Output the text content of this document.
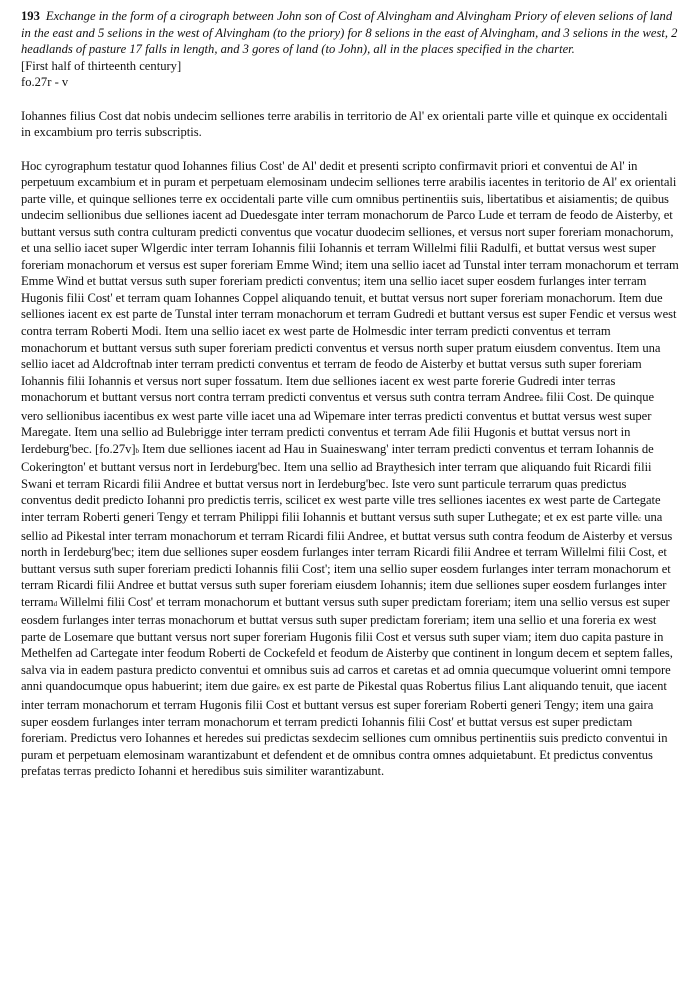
193 Exchange in the form of a cirograph between John son of Cost of Alvingham and Alvingham Priory of eleven selions of land in the east and 5 selions in the west of Alvingham (to the priory) for 8 selions in the east of Alvingham, and 3 selions in the west, 2 headlands of pasture 17 falls in length, and 3 gores of land (to John), all in the places specified in the charter.
[First half of thirteenth century]
fo.27r - v
Iohannes filius Cost dat nobis undecim selliones terre arabilis in territorio de Al' ex orientali parte ville et quinque ex occidentali in excambium pro terris subscriptis.
Hoc cyrographum testatur quod Iohannes filius Cost' de Al' dedit et presenti scripto confirmavit priori et conventui de Al' in perpetuum excambium et in puram et perpetuam elemosinam undecim selliones terre arabilis iacentes in teritorio de Al' ex orientali parte ville, et quinque selliones terre ex occidentali parte ville cum omnibus pertinentiis suis, libertatibus et aisiamentis; de quibus undecim sellionibus due selliones iacent ad Duedesgate inter terram monachorum de Parco Lude et terram de feodo de Aisterby, et buttant versus suth contra culturam predicti conventus que vocatur duodecim selliones, et versus nort super foreriam monachorum, et una sellio iacet super Wlgerdic inter terram Iohannis filii Iohannis et terram Willelmi filii Radulfi, et buttat versus west super foreriam monachorum et versus est super foreriam Emme Wind; item una sellio iacet ad Tunstal inter terram monachorum et terram Emme Wind et buttat versus suth super foreriam predicti conventus; item una sellio iacet super eosdem furlanges inter terram Hugonis filii Cost' et terram quam Iohannes Coppel aliquando tenuit, et buttat versus nort super foreriam monachorum. Item due selliones iacent ex est parte de Tunstal inter terram monachorum et terram Gudredi et buttant versus est super Fendic et versus west contra terram Roberti Modi. Item una sellio iacet ex west parte de Holmesdic inter terram predicti conventus et terram monachorum et buttant versus suth super foreriam predicti conventus et versus north super pratum eiusdem conventus. Item una sellio iacet ad Aldcroftnab inter terram predicti conventus et terram de feodo de Aisterby et buttat versus suth super foreriam Iohannis filii Iohannis et versus nort super fossatum. Item due selliones iacent ex west parte forerie Gudredi inter terras monachorum et buttant versus nort contra terram predicti conventus et versus suth contra terram Andreea filii Cost. De quinque vero sellionibus iacentibus ex west parte ville iacet una ad Wipemare inter terras predicti conventus et buttat versus west super Maregate. Item una sellio ad Bulebrigge inter terram predicti conventus et terram Ade filii Hugonis et buttat versus nort in Ierdeburg'bec. [fo.27v]b Item due selliones iacent ad Hau in Suaineswang' inter terram predicti conventus et terram Iohannis de Cokerington' et buttant versus nort in Ierdeburg'bec. Item una sellio ad Braythesich inter terram que aliquando fuit Ricardi filii Swani et terram Ricardi filii Andree et buttat versus nort in Ierdeburg'bec. Iste vero sunt particule terrarum quas predictus conventus dedit predicto Iohanni pro predictis terris, scilicet ex west parte ville tres selliones iacentes ex west parte de Cartegate inter terram Roberti generi Tengy et terram Philippi filii Iohannis et buttant versus suth super Luthegate; et ex est parte villec una sellio ad Pikestal inter terram monachorum et terram Ricardi filii Andree, et buttat versus suth contra feodum de Aisterby et versus north in Ierdeburg'bec; item due selliones super eosdem furlanges inter terram Ricardi filii Andree et terram Willelmi filii Cost, et buttant versus suth super foreriam predicti Iohannis filii Cost'; item una sellio super eosdem furlanges inter terram monachorum et terram Ricardi filii Andree et buttat versus suth super foreriam eiusdem Iohannis; item due selliones super eosdem furlanges inter terramd Willelmi filii Cost' et terram monachorum et buttant versus suth super predictam foreriam; item una sellio versus est super eosdem furlanges inter terras monachorum et buttat versus suth super predictam foreriam; item una sellio et una foreria ex west parte de Losemare que buttant versus nort super foreriam Hugonis filii Cost et versus suth super viam; item duo capita pasture in Methelfen ad Cartegate inter feodum Roberti de Cockefeld et feodum de Aisterby que continent in longum decem et septem falles, salva via in eadem pastura predicto conventui et omnibus suis ad carros et caretas et ad omnia quecumque voluerint omni tempore anni quandocumque opus habuerint; item due gairee ex est parte de Pikestal quas Robertus filius Lant aliquando tenuit, que iacent inter terram monachorum et terram Hugonis filii Cost et buttant versus est super foreriam Roberti generi Tengy; item una gaira super eosdem furlanges inter terram monachorum et terram predicti Iohannis filii Cost' et buttat versus est super predictam foreriam. Predictus vero Iohannes et heredes sui predictas sexdecim selliones cum omnibus pertinentiis suis predicto conventui in puram et perpetuam elemosinam warantizabunt et defendent et de omnibus contra omnes adquietabunt. Et predictus conventus prefatas terras predicto Iohanni et heredibus suis similiter warantizabunt.
